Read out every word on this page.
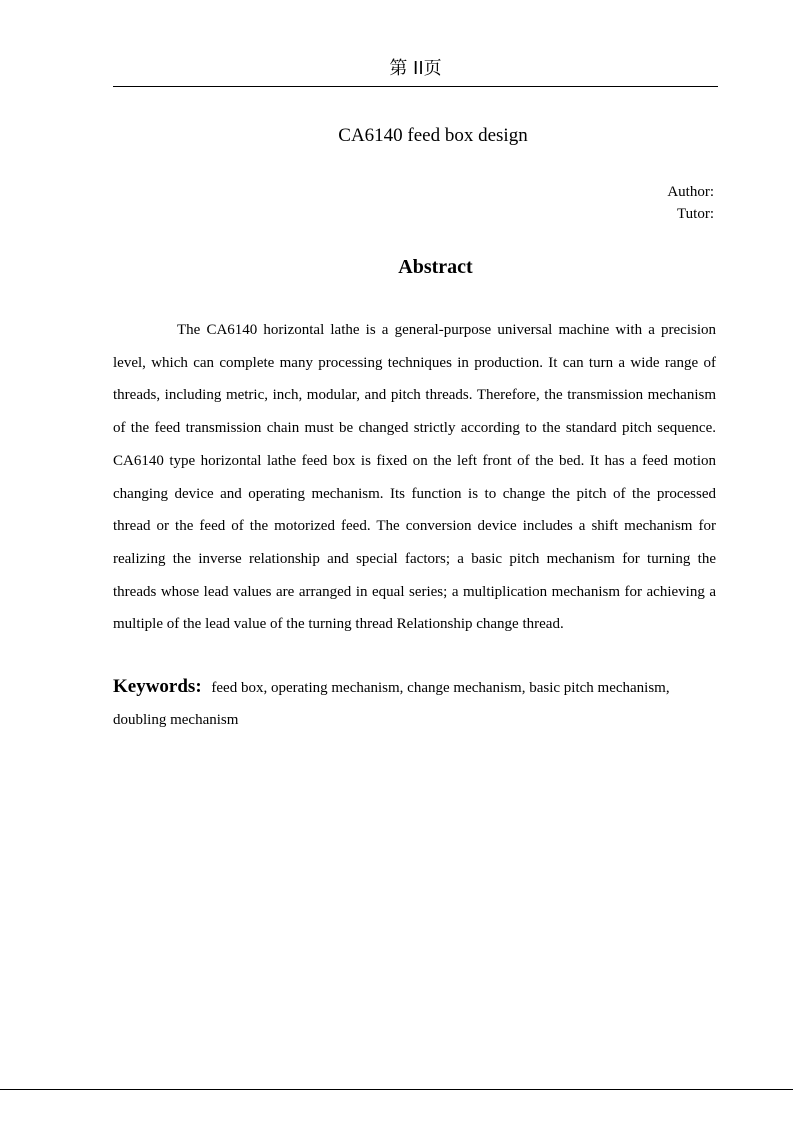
第 II页
CA6140 feed box design
Author:
Tutor:
Abstract

The CA6140 horizontal lathe is a general-purpose universal machine with a precision level, which can complete many processing techniques in production. It can turn a wide range of threads, including metric, inch, modular, and pitch threads. Therefore, the transmission mechanism of the feed transmission chain must be changed strictly according to the standard pitch sequence. CA6140 type horizontal lathe feed box is fixed on the left front of the bed. It has a feed motion changing device and operating mechanism. Its function is to change the pitch of the processed thread or the feed of the motorized feed. The conversion device includes a shift mechanism for realizing the inverse relationship and special factors; a basic pitch mechanism for turning the threads whose lead values are arranged in equal series; a multiplication mechanism for achieving a multiple of the lead value of the turning thread Relationship change thread.

Keywords: feed box, operating mechanism, change mechanism, basic pitch mechanism, doubling mechanism
